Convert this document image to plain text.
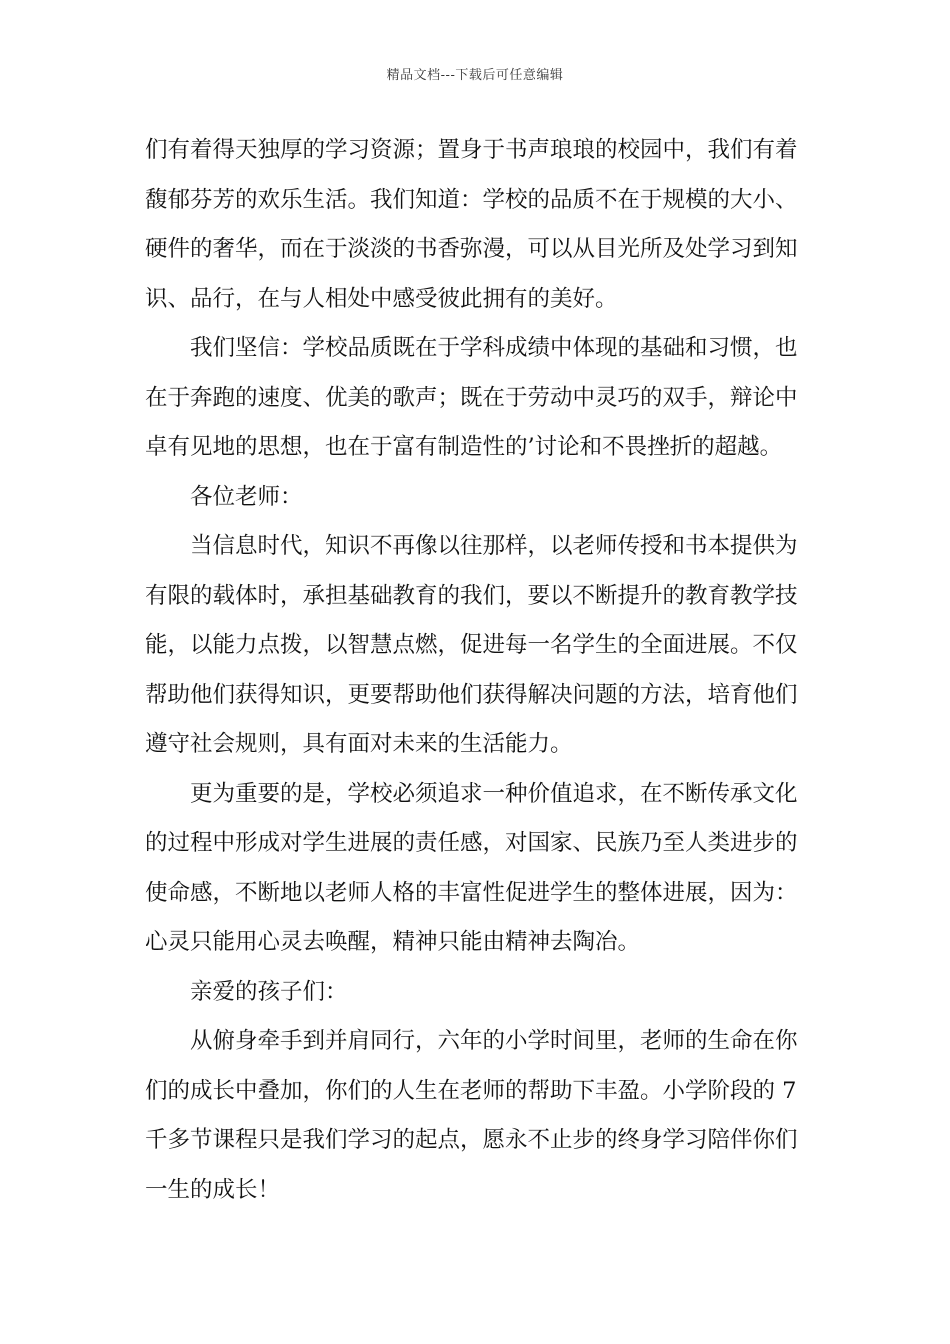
精品文档---下载后可任意编辑
们有着得天独厚的学习资源；置身于书声琅琅的校园中，我们有着
馥郁芬芳的欢乐生活。我们知道：学校的品质不在于规模的大小、
硬件的奢华，而在于淡淡的书香弥漫，可以从目光所及处学习到知
识、品行，在与人相处中感受彼此拥有的美好。
我们坚信：学校品质既在于学科成绩中体现的基础和习惯，也
在于奔跑的速度、优美的歌声；既在于劳动中灵巧的双手，辩论中
卓有见地的思想，也在于富有制造性的’讨论和不畏挫折的超越。
各位老师：
当信息时代，知识不再像以往那样，以老师传授和书本提供为
有限的载体时，承担基础教育的我们，要以不断提升的教育教学技
能，以能力点拨，以智慧点燃，促进每一名学生的全面进展。不仅
帮助他们获得知识，更要帮助他们获得解决问题的方法，培育他们
遵守社会规则，具有面对未来的生活能力。
更为重要的是，学校必须追求一种价值追求，在不断传承文化
的过程中形成对学生进展的责任感，对国家、民族乃至人类进步的
使命感，不断地以老师人格的丰富性促进学生的整体进展，因为：
心灵只能用心灵去唤醒，精神只能由精神去陶冶。
亲爱的孩子们：
从俯身牵手到并肩同行，六年的小学时间里，老师的生命在你
们的成长中叠加，你们的人生在老师的帮助下丰盈。小学阶段的 7
千多节课程只是我们学习的起点，愿永不止步的终身学习陪伴你们
一生的成长！
